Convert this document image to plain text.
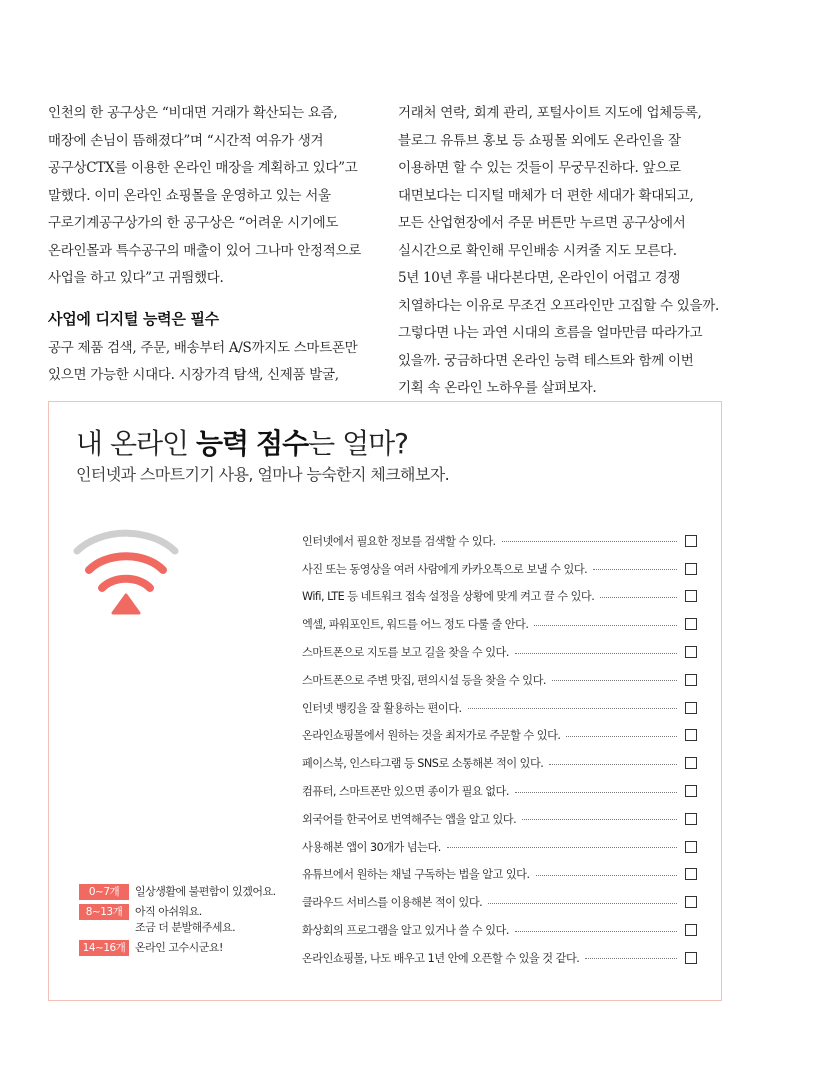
인천의 한 공구상은 “비대면 거래가 확산되는 요즘,

매장에 손님이 뜸해졌다”며 “시간적 여유가 생겨

공구상CTX를 이용한 온라인 매장을 계획하고 있다”고

말했다. 이미 온라인 쇼핑몰을 운영하고 있는 서울

구로기계공구상가의 한 공구상은 “어려운 시기에도

온라인몰과 특수공구의 매출이 있어 그나마 안정적으로

사업을 하고 있다”고 귀띔했다.

사업에 디지털 능력은 필수

공구 제품 검색, 주문, 배송부터 A/S까지도 스마트폰만

있으면 가능한 시대다. 시장가격 탐색, 신제품 발굴,

거래처 연락, 회계 관리, 포털사이트 지도에 업체등록,

블로그 유튜브 홍보 등 쇼핑몰 외에도 온라인을 잘

이용하면 할 수 있는 것들이 무궁무진하다. 앞으로

대면보다는 디지털 매체가 더 편한 세대가 확대되고,

모든 산업현장에서 주문 버튼만 누르면 공구상에서

실시간으로 확인해 무인배송 시켜줄 지도 모른다.

5년 10년 후를 내다본다면, 온라인이 어렵고 경쟁

치열하다는 이유로 무조건 오프라인만 고집할 수 있을까.

그렇다면 나는 과연 시대의 흐름을 얼마만큼 따라가고

있을까. 궁금하다면 온라인 능력 테스트와 함께 이번

기획 속 온라인 노하우를 살펴보자.

내 온라인 능력 점수는 얼마?
인터넷과 스마트기기 사용, 얼마나 능숙한지 체크해보자.
인터넷에서 필요한 정보를 검색할 수 있다.
사진 또는 동영상을 여러 사람에게 카카오톡으로 보낼 수 있다.
Wifi, LTE 등 네트워크 접속 설정을 상황에 맞게 켜고 끌 수 있다.
엑셀, 파워포인트, 워드를 어느 정도 다룰 줄 안다.
스마트폰으로 지도를 보고 길을 찾을 수 있다.
스마트폰으로 주변 맛집, 편의시설 등을 찾을 수 있다.
인터넷 뱅킹을 잘 활용하는 편이다.
온라인쇼핑몰에서 원하는 것을 최저가로 주문할 수 있다.
페이스북, 인스타그램 등 SNS로 소통해본 적이 있다.
컴퓨터, 스마트폰만 있으면 종이가 필요 없다.
외국어를 한국어로 번역해주는 앱을 알고 있다.
사용해본 앱이 30개가 넘는다.
유튜브에서 원하는 채널 구독하는 법을 알고 있다.
클라우드 서비스를 이용해본 적이 있다.
화상회의 프로그램을 알고 있거나 쓸 수 있다.
온라인쇼핑몰, 나도 배우고 1년 안에 오픈할 수 있을 것 같다.
0~7개	일상생활에 불편함이 있겠어요.
8~13개	아직 아쉬워요.
조금 더 분발해주세요.
14~16개 온라인 고수시군요!
